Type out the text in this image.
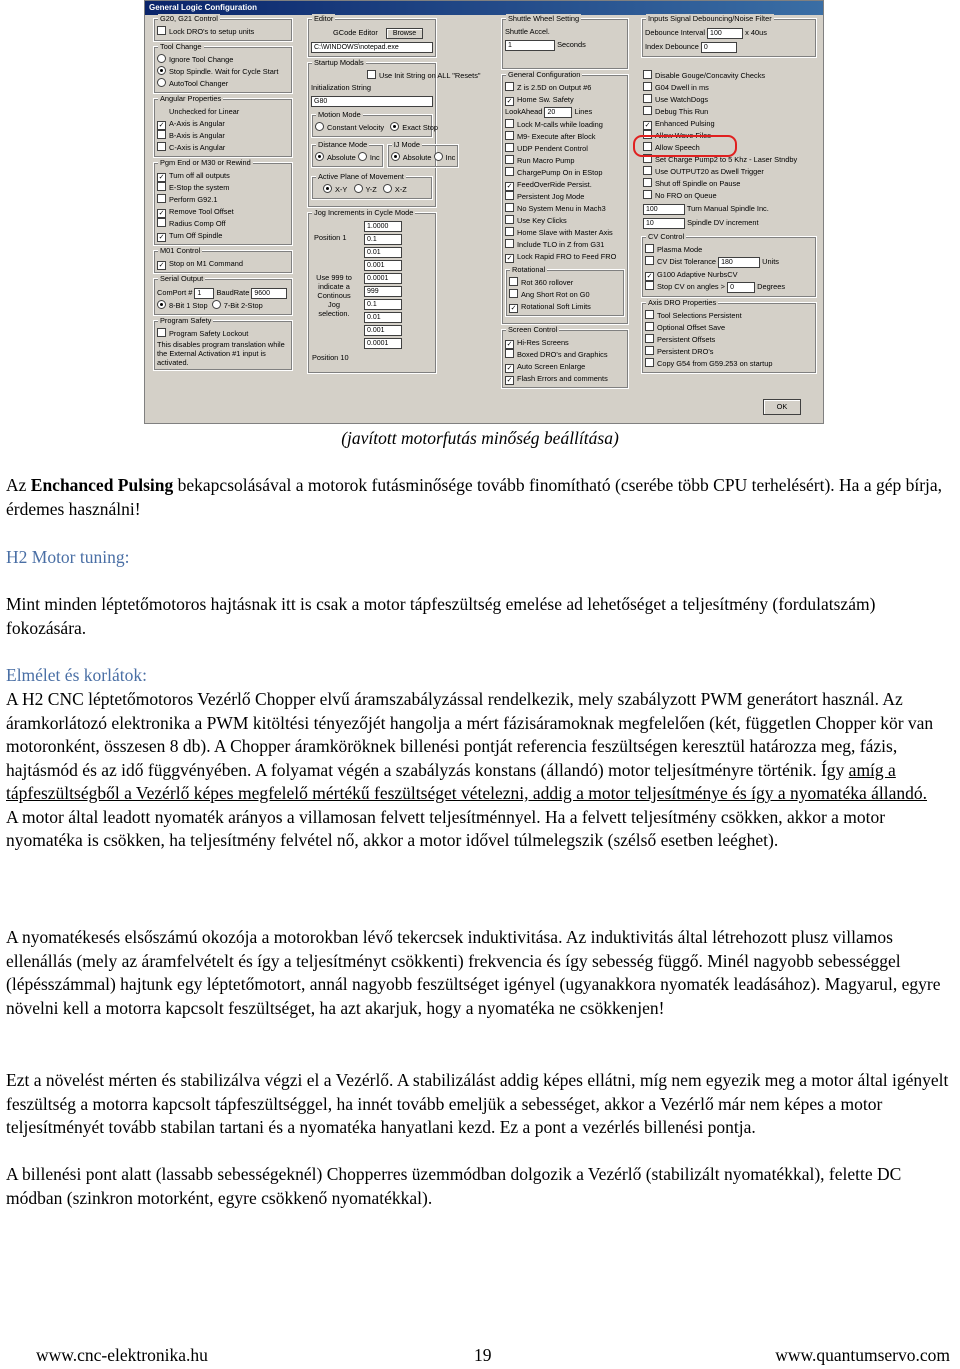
General Logic Configuration
G20, G21 Control
Lock DRO's to setup units
Tool Change
Ignore Tool Change
Stop Spindle. Wait for Cycle Start
AutoTool Changer
Angular Properties
Unchecked for Linear
✓A-Axis is Angular
B-Axis is Angular
C-Axis is Angular
Pgm End or M30 or Rewind
✓Turn off all outputs
E-Stop the system
Perform G92.1
✓Remove Tool Offset
Radius Comp Off
✓Turn Off Spindle
M01 Control
✓Stop on M1 Command
Serial Output
ComPort # 1 BaudRate 9600
8-Bit 1 Stop 7-Bit 2-Stop
Program Safety
Program Safety Lockout
This disables program translation while the External Activation #1 input is activated.
Editor
GCode Editor Browse
C:\WINDOWS\notepad.exe
Startup Modals
Use Init String on ALL "Resets"
Initialization String
G80
Motion Mode
Constant Velocity Exact Stop
Distance Mode
Absolute Inc
IJ Mode
Absolute Inc
Active Plane of Movement
X-Y Y-Z X-Z
Jog Increments in Cycle Mode
Position 1
Use 999 to indicate a Continous Jog selection.
Position 10
1.0000
0.1
0.01
0.001
0.0001
999
0.1
0.01
0.001
0.0001
Shuttle Wheel Setting
Shuttle Accel.
1	Seconds
General Configuration
Z is 2.5D on Output #6
✓Home Sw. Safety
LookAhead 20	Lines
Lock M-calls while loading
M9- Execute after Block
UDP Pendent Control
Run Macro Pump
ChargePump On in EStop
✓FeedOverRide Persist.
Persistent Jog Mode
No System Menu in Mach3
Use Key Clicks
Home Slave with Master Axis
Include TLO in Z from G31
✓Lock Rapid FRO to Feed FRO
Rotational
Rot 360 rollover
Ang Short Rot on G0
✓Rotational Soft Limits
Screen Control
✓Hi-Res Screens
Boxed DRO's and Graphics
✓Auto Screen Enlarge
✓Flash Errors and comments
Inputs Signal Debouncing/Noise Filter
Debounce Interval 100	x 40us
Index Debounce 0
Disable Gouge/Concavity Checks
G04 Dwell in ms
Use WatchDogs
Debug This Run
✓Enhanced Pulsing
Allow Wave Files
Allow Speech
Set Charge Pump2 to 5 Khz - Laser Stndby
Use OUTPUT20 as Dwell Trigger
Shut off Spindle on Pause
No FRO on Queue
100	Turn Manual Spindle Inc.
10	Spindle DV increment
CV Control
Plasma Mode
CV Dist Tolerance 180	Units
✓G100 Adaptive NurbsCV
Stop CV on angles > 0	Degrees
Axis DRO Properties
Tool Selections Persistent
Optional Offset Save
Persistent Offsets
Persistent DRO's
Copy G54 from G59.253 on startup
OK
(javított motorfutás minőség beállítása)

Az Enchanced Pulsing bekapcsolásával a motorok futásminősége tovább finomítható (cserébe több CPU terhelésért). Ha a gép bírja, érdemes használni!

H2 Motor tuning:

Mint minden léptetőmotoros hajtásnak itt is csak a motor tápfeszültség emelése ad lehetőséget a teljesítmény (fordulatszám) fokozására.

Elmélet és korlátok:

A H2 CNC léptetőmotoros Vezérlő Chopper elvű áramszabályzással rendelkezik, mely szabályzott PWM generátort használ. Az áramkorlátozó elektronika a PWM kitöltési tényezőjét hangolja a mért fázisáramoknak megfelelően (két, független Chopper kör van motoronként, összesen 8 db). A Chopper áramköröknek billenési pontját referencia feszültségen keresztül határozza meg, fázis, hajtásmód és az idő függvényében. A folyamat végén a szabályzás konstans (állandó) motor teljesítményre történik. Így amíg a tápfeszültségből a Vezérlő képes megfelelő mértékű feszültséget vételezni, addig a motor teljesítménye és így a nyomatéka állandó.
A motor által leadott nyomaték arányos a villamosan felvett teljesítménnyel. Ha a felvett teljesítmény csökken, akkor a motor nyomatéka is csökken, ha teljesítmény felvétel nő, akkor a motor idővel túlmelegszik (szélső esetben leéghet).

A nyomatékesés elsőszámú okozója a motorokban lévő tekercsek induktivitása. Az induktivitás által létrehozott plusz villamos ellenállás (mely az áramfelvételt és így a teljesítményt csökkenti) frekvencia és így sebesség függő. Minél nagyobb sebességgel (lépésszámmal) hajtunk egy léptetőmotort, annál nagyobb feszültséget igényel (ugyanakkora nyomaték leadásához). Magyarul, egyre növelni kell a motorra kapcsolt feszültséget, ha azt akarjuk, hogy a nyomatéka ne csökkenjen!

Ezt a növelést mérten és stabilizálva végzi el a Vezérlő. A stabilizálást addig képes ellátni, míg nem egyezik meg a motor által igényelt feszültség a motorra kapcsolt tápfeszültséggel, ha innét tovább emeljük a sebességet, akkor a Vezérlő már nem képes a motor teljesítményét tovább stabilan tartani és a nyomatéka hanyatlani kezd. Ez a pont a vezérlés billenési pontja.

A billenési pont alatt (lassabb sebességeknél) Chopperres üzemmódban dolgozik a Vezérlő (stabilizált nyomatékkal), felette DC módban (szinkron motorként, egyre csökkenő nyomatékkal).

www.cnc-elektronika.hu	19	www.quantumservo.com
